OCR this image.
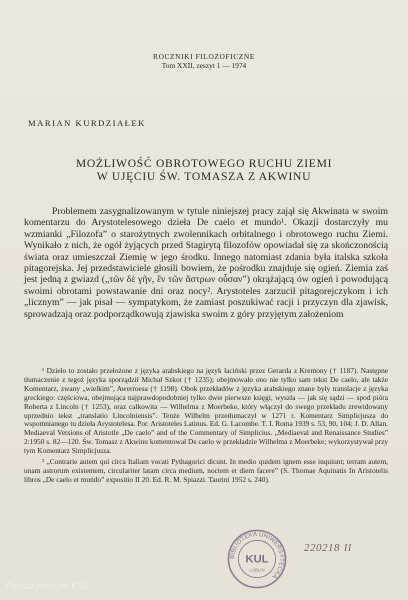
ROCZNIKI FILOZOFICZNE
Tom XXII, zeszyt 1 — 1974
MARIAN KURDZIAŁEK
MOŻLIWOŚĆ OBROTOWEGO RUCHU ZIEMI
W UJĘCIU ŚW. TOMASZA Z AKWINU

Problemem zasygnalizowanym w tytule niniejszej pracy zajął się Akwinata w swoim komentarzu do Arystotelesowego dzieła De caelo et mundo¹. Okazji dostarczyły mu wzmianki „Filozofa” o starożytnych zwolennikach orbitalnego i obrotowego ruchu Ziemi. Wynikało z nich, że ogół żyjących przed Stagirytą filozofów opowiadał się za skończonością świata oraz umieszczał Ziemię w jego środku. Innego natomiast zdania była italska szkoła pitagorejska. Jej przedstawiciele głosili bowiem, że pośrodku znajduje się ogień. Ziemia zaś jest jedną z gwiazd („τῶν δὲ γῆν, ἓν τῶν ἄστρων οὖσαν”) okrążającą ów ogień i powodującą swoimi obrotami powstawanie dni oraz nocy². Arystoteles zarzucił pitagorejczykom i ich „licznym” — jak pisał — sympatykom, że zamiast poszukiwać racji i przyczyn dla zjawisk, sprowadzają oraz podporządkowują zjawiska swoim z góry przyjętym założeniom

¹ Dzieło to zostało przełożone z języka arabskiego na język łaciński przez Gerarda z Kremony († 1187). Następne tłumaczenie z tegoż języka sporządził Michał Szkot († 1235); obejmowało ono nie tylko sam tekst De caelo, ale także Komentarz, zwany „wielkim”, Awerroesa († 1198). Obok przekładów z języka arabskiego znane były translacje z języka greckiego: częściowa, obejmująca najprawdopodobniej tylko dwie pierwsze księgi, wyszła — jak się sądzi — spod pióra Roberta z Lincoln († 1253), oraz całkowita — Wilhelma z Moerbeke, który włączył do swego przekładu zrewidowany uprzednio tekst „translatio Lincolniensis”. Tenże Wilhelm przetłumaczył w 1271 r. Komentarz Simplicjusza do wspomnianego tu dzieła Arystotelesa. Por. Aristoteles Latinus. Ed. G. Lacombe. T. I. Roma 1939 s. 53, 90, 104; J. D. Allan. Mediaeval Versions of Aristotle „De caelo” and of the Commentary of Simplicius. „Mediaeval and Renaissance Studies” 2:1950 s. 82—120. Św. Tomasz z Akwinu komentował De caelo w przekładzie Wilhelma z Moerbeke; wykorzystywał przy tym Komentarz Simplicjusza.

² „Contrarie autem qui circa Italiam vocati Pythagorici dicunt. In medio quidem ignem esse inquiunt; terram autem, unam astrorum existentem, circulariter latam circa medium, noctem et diem facere” (S. Thomae Aquinatis In Aristotelis libros „De caelo et mundo” expositio II 20. Ed. R. M. Spiazzi. Taurini 1952 s. 240).

BIBLIOTEKA UNIWERSYTECKA
KUL
LUBLIN
220218 II
Repozytorium KUL
